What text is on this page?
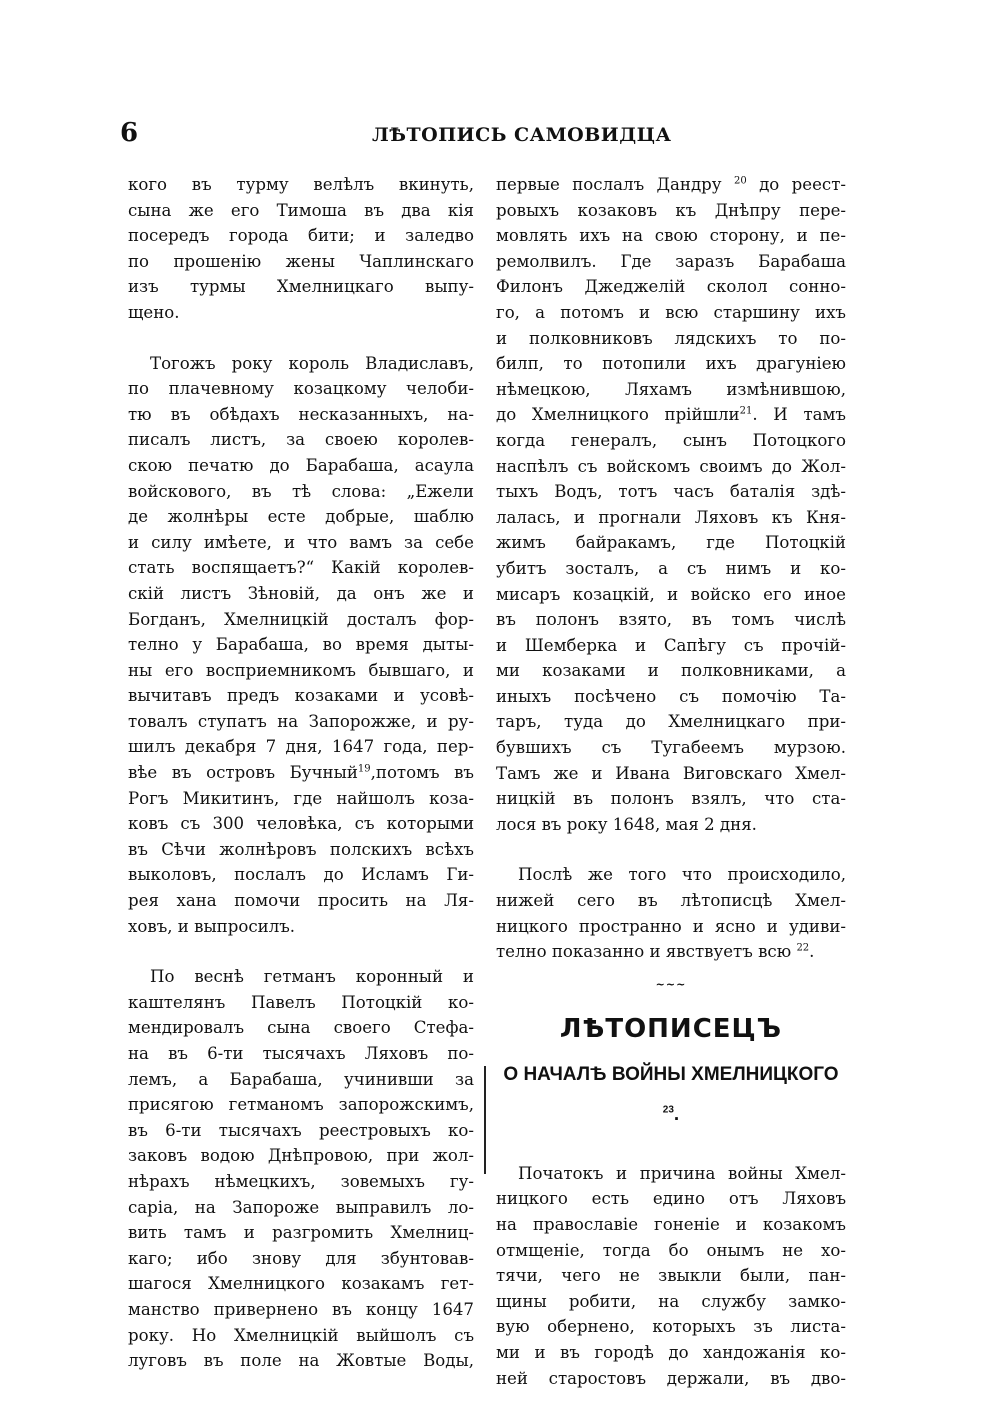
6	ЛѢТОПИСЬ САМОВИДЦА

кого въ турму велѣлъ вкинуть,
сына же его Тимоша въ два кія
посередъ города бити; и заледво
по прошенію жены Чаплинскаго
изъ турмы Хмелницкаго выпу-
щено.

Тогожъ року король Владиславъ,
по плачевному козацкому челоби-
тю въ обѣдахъ несказанныхъ, на-
писалъ листъ, за своею королев-
скою печатю до Барабаша, асаула
войскового, въ тѣ слова: „Ежели
де жолнѣры есте добрые, шаблю
и силу имѣете, и что вамъ за себе
стать воспящаетъ?“ Какій королев-
скій листъ Зѣновій, да онъ же и
Богданъ, Хмелницкій досталъ фор-
телно у Барабаша, во время дыты-
ны его восприемникомъ бывшаго, и
вычитавъ предъ козаками и усовѣ-
товалъ ступатъ на Запорожже, и ру-
шилъ декабря 7 дня, 1647 года, пер-
вѣе въ островъ Бучный$^{19}$,потомъ въ
Рогъ Микитинъ, где найшолъ коза-
ковъ съ 300 человѣка, съ которыми
въ Сѣчи жолнѣровъ полскихъ всѣхъ
выколовъ, послалъ до Исламъ Ги-
рея хана помочи просить на Ля-
ховъ, и выпросилъ.

По веснѣ гетманъ коронный и
каштелянъ Павелъ Потоцкій ко-
мендировалъ сына своего Стефа-
на въ 6-ти тысячахъ Ляховъ по-
лемъ, а Барабаша, учинивши за
присягою гетманомъ запорожскимъ,
въ 6-ти тысячахъ реестровыхъ ко-
заковъ водою Днѣпровою, при жол-
нѣрахъ нѣмецкихъ, зовемыхъ гу-
саріа, на Запороже выправилъ ло-
вить тамъ и разгромить Хмелниц-
каго; ибо знову для збунтовав-
шагося Хмелницкого козакамъ гет-
манство привернено въ концу 1647
року. Но Хмелницкій выйшолъ съ
луговъ въ поле на Жовтые Воды,

первые послалъ Дандру $^{20}$ до реест-
ровыхъ козаковъ къ Днѣпру пере-
мовлять ихъ на свою сторону, и пе-
ремолвилъ. Где заразъ Барабаша
Филонъ Джеджелій сколол сонно-
го, а потомъ и всю старшину ихъ
и полковниковъ лядскихъ то по-
билп, то потопили ихъ драгуніею
нѣмецкою, Ляхамъ измѣнившою,
до Хмелницкого прійшли$^{21}$. И тамъ
когда генералъ, сынъ Потоцкого
наспѣлъ съ войскомъ своимъ до Жол-
тыхъ Водъ, тотъ часъ баталія здѣ-
лалась, и прогнали Ляховъ къ Кня-
жимъ байракамъ, где Потоцкій
убитъ зосталъ, а съ нимъ и ко-
мисаръ козацкій, и войско его иное
въ полонъ взято, въ томъ числѣ
и Шемберка и Сапѣгу съ прочій-
ми козаками и полковниками, а
иныхъ посѣчено съ помочію Та-
таръ, туда до Хмелницкаго при-
бувшихъ съ Тугабеемъ мурзою.
Тамъ же и Ивана Виговскаго Хмел-
ницкій въ полонъ взялъ, что ста-
лося въ року 1648, мая 2 дня.

Послѣ же того что происходило,
нижей сего въ лѣтописцѣ Хмел-
ницкого пространно и ясно и удиви-
телно показанно и явствуетъ всю $^{22}$.

~~~
ЛѢТОПИСЕЦЪ
О НАЧАЛѢ ВОЙНЫ ХМЕЛНИЦКОГО $^{23}$.

Початокъ и причина войны Хмел-
ницкого есть едино отъ Ляховъ
на православіе гоненіе и козакомъ
отмщеніе, тогда бо онымъ не хо-
тячи, чего не звыкли были, пан-
щины робити, на службу замко-
вую обернено, которыхъ зъ листа-
ми и въ городѣ до хандожанія ко-
ней старостовъ держали, въ дво-
